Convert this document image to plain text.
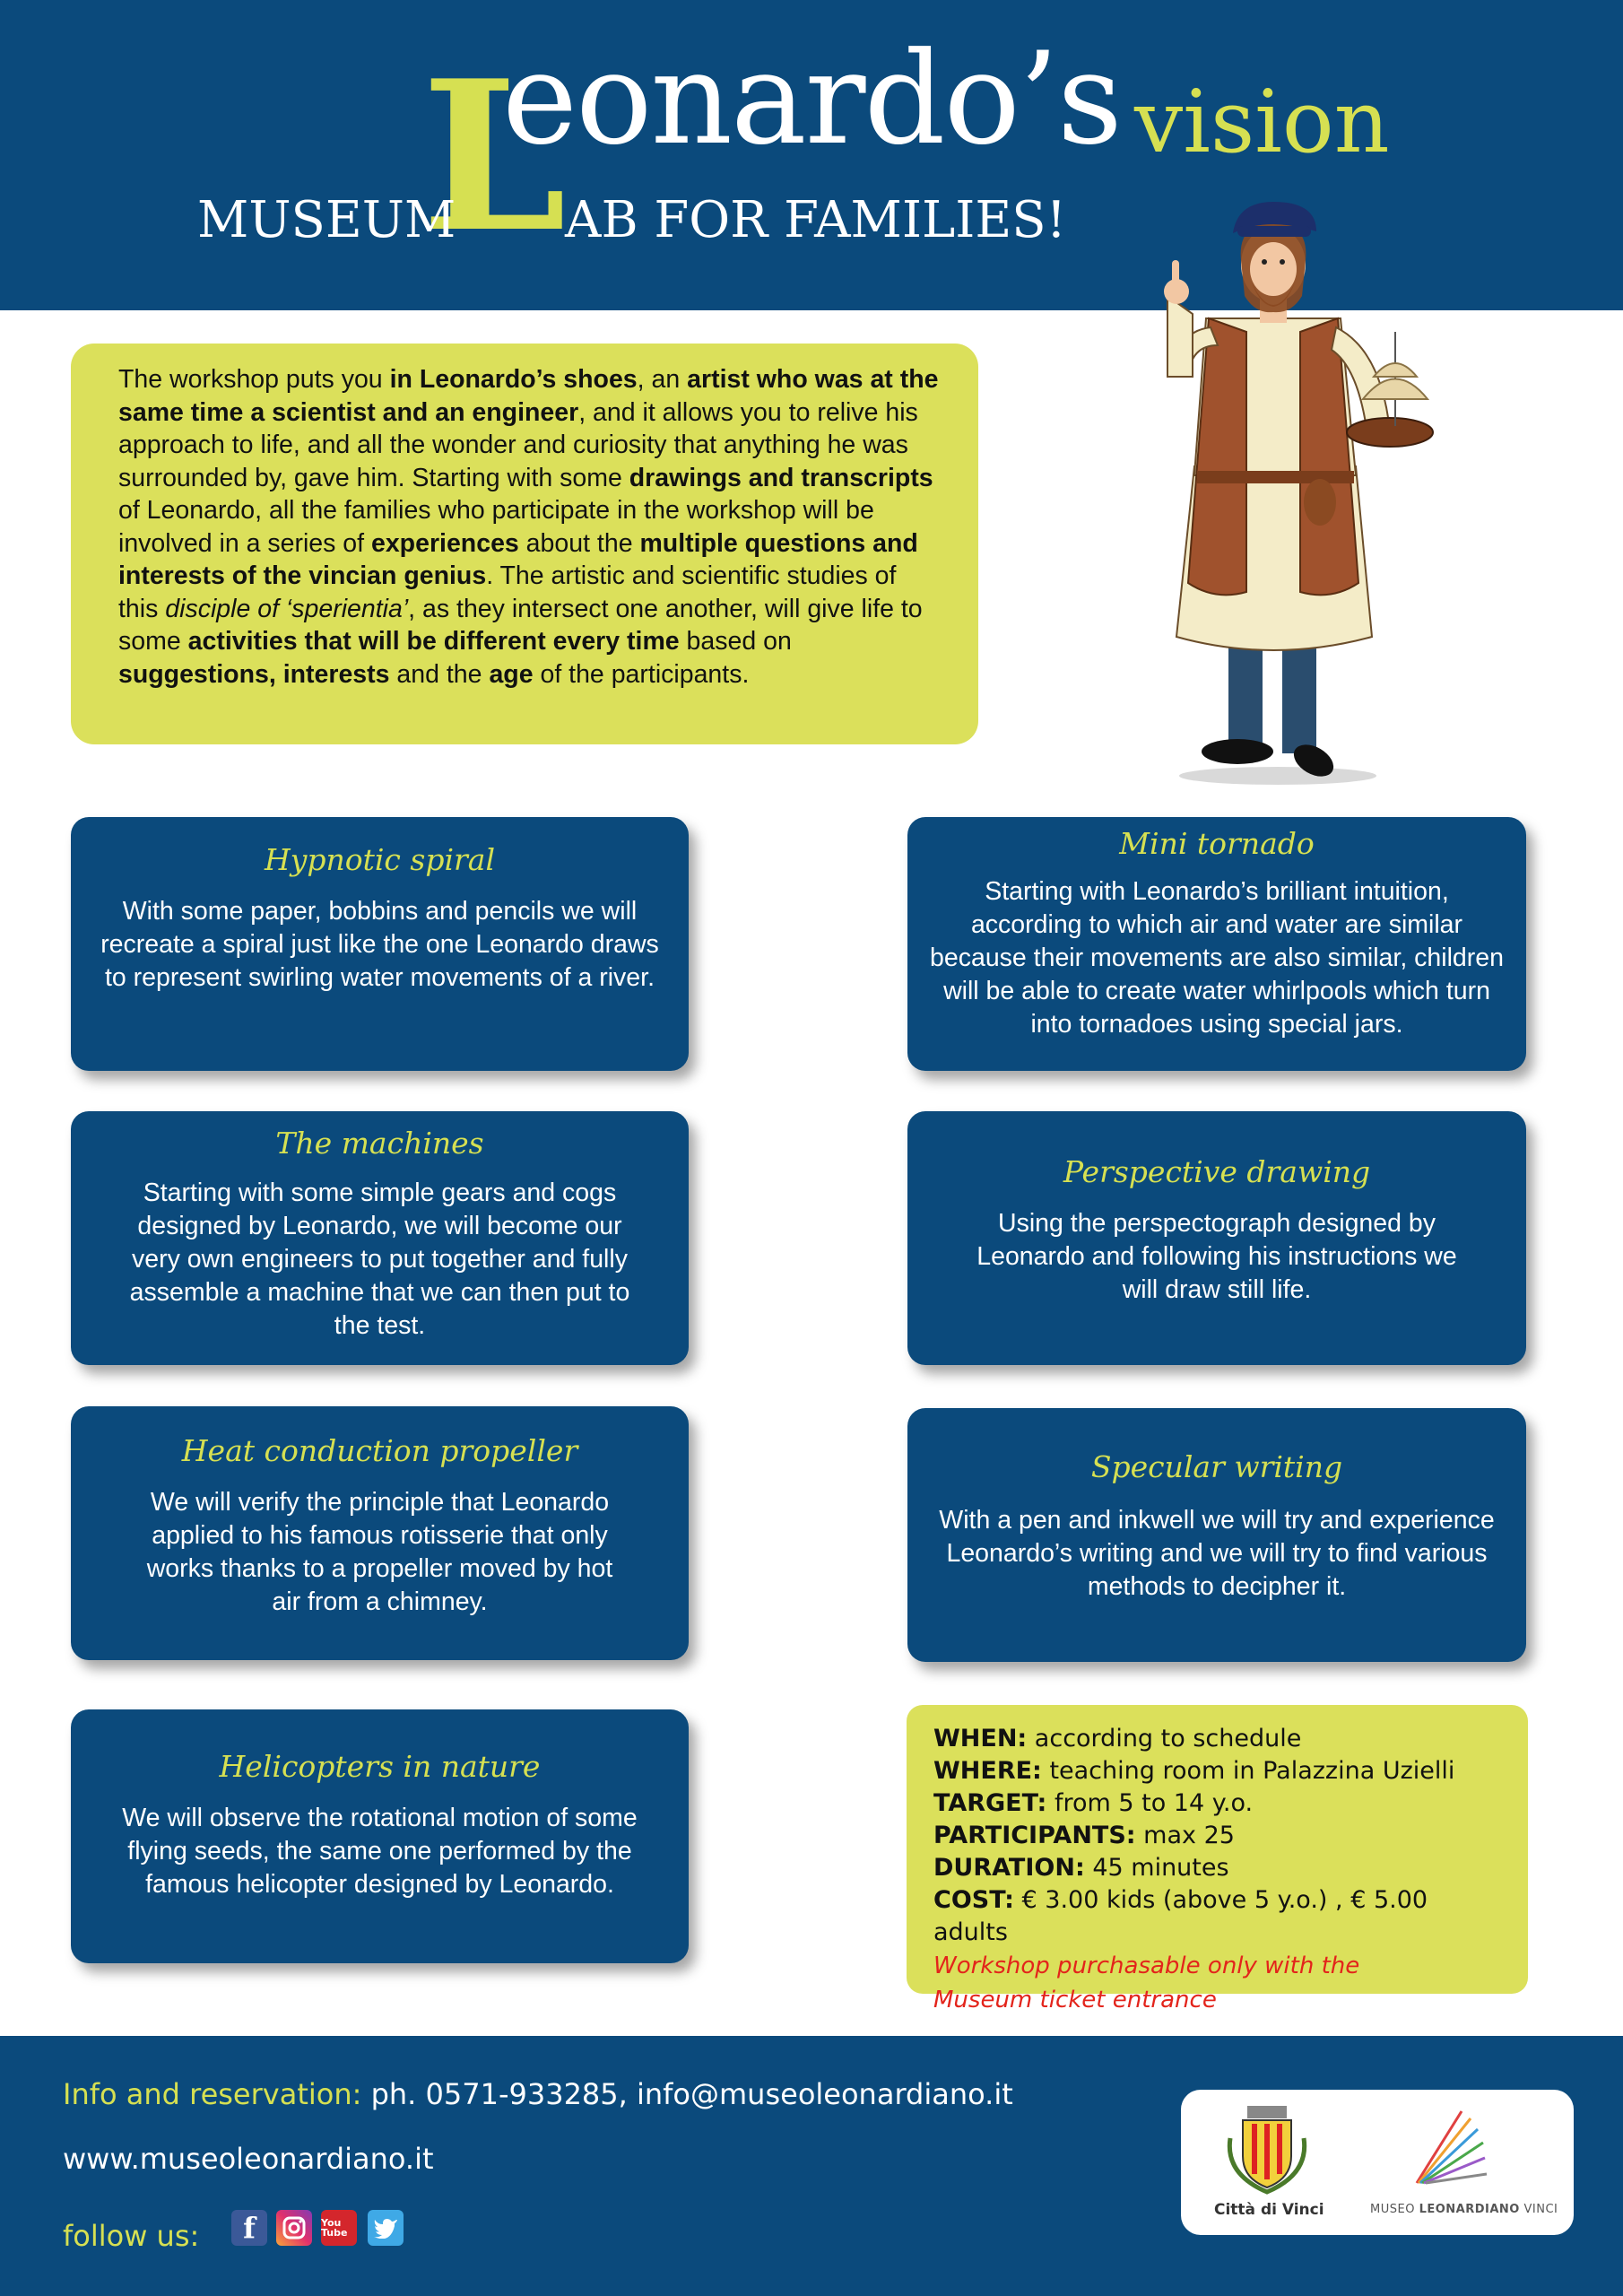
L
eonardo’s vision
MUSEUM AB FOR FAMILIES!
The workshop puts you in Leonardo’s shoes, an artist who was at the same time a scientist and an engineer, and it allows you to relive his approach to life, and all the wonder and curiosity that anything he was surrounded by, gave him. Starting with some drawings and transcripts of Leonardo, all the families who participate in the workshop will be involved in a series of experiences about the multiple questions and interests of the vincian genius. The artistic and scientific studies of this disciple of ‘sperientia’, as they intersect one another, will give life to some activities that will be different every time based on suggestions, interests and the age of the participants.
Hypnotic spiral

With some paper, bobbins and pencils we will recreate a spiral just like the one Leonardo draws to represent swirling water movements of a river.

Mini tornado

Starting with Leonardo’s brilliant intuition, according to which air and water are similar because their movements are also similar, children will be able to create water whirlpools which turn into tornadoes using special jars.

The machines

Starting with some simple gears and cogs designed by Leonardo, we will become our very own engineers to put together and fully assemble a machine that we can then put to the test.

Perspective drawing

Using the perspectograph designed by Leonardo and following his instructions we will draw still life.

Heat conduction propeller

We will verify the principle that Leonardo applied to his famous rotisserie that only works thanks to a propeller moved by hot air from a chimney.

Specular writing

With a pen and inkwell we will try and experience Leonardo’s writing and we will try to find various methods to decipher it.

Helicopters in nature

We will observe the rotational motion of some flying seeds, the same one performed by the famous helicopter designed by Leonardo.

WHEN: according to schedule
WHERE: teaching room in Palazzina Uzielli
TARGET: from 5 to 14 y.o.
PARTICIPANTS: max 25
DURATION: 45 minutes
COST: € 3.00 kids (above 5 y.o.) , € 5.00 adults
Workshop purchasable only with the Museum ticket entrance
Info and reservation: ph. 0571-933285, info@museoleonardiano.it
www.museoleonardiano.it
follow us:	f	You Tube
Città di Vinci	MUSEO LEONARDIANO VINCI
